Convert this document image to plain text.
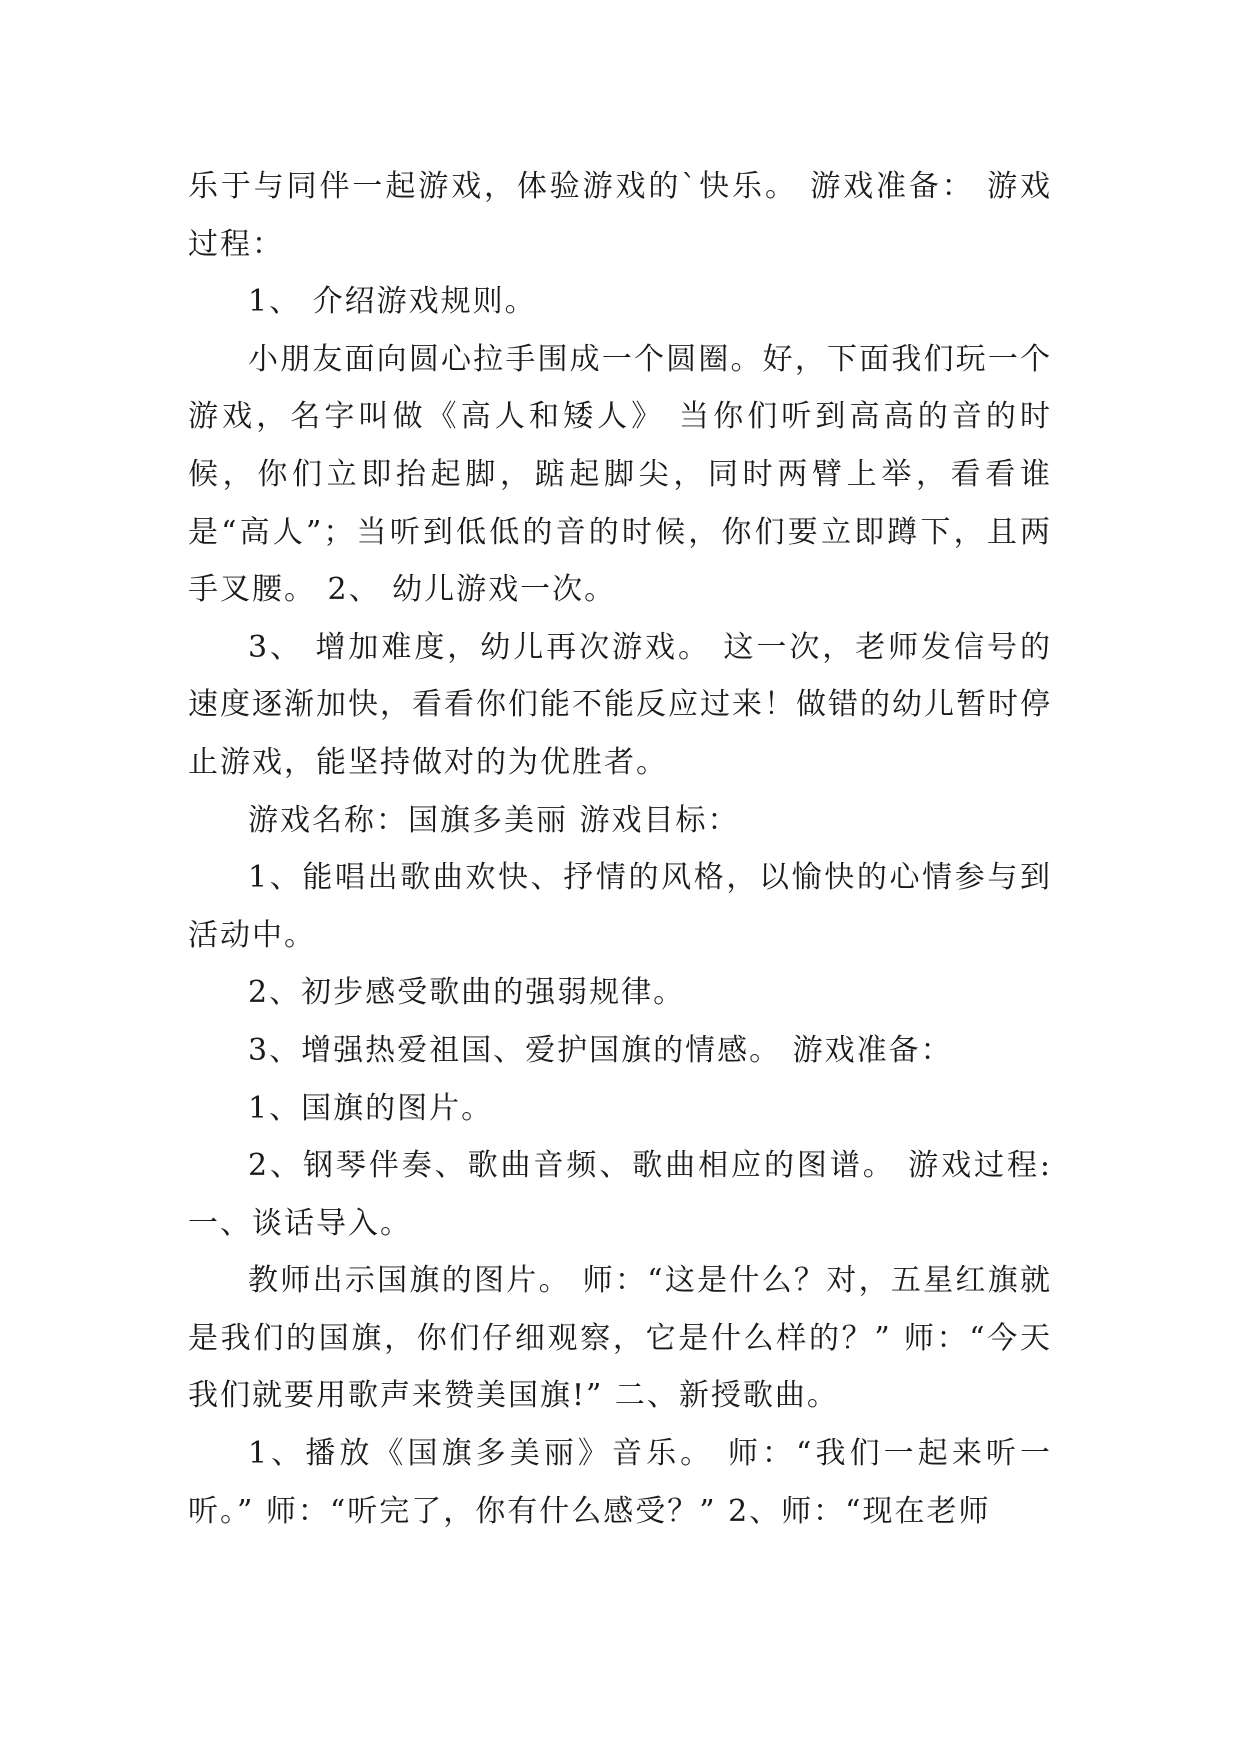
乐于与同伴一起游戏，体验游戏的`快乐。 游戏准备： 游戏过程：

1、 介绍游戏规则。

小朋友面向圆心拉手围成一个圆圈。好，下面我们玩一个游戏，名字叫做《高人和矮人》 当你们听到高高的音的时候，你们立即抬起脚，踮起脚尖，同时两臂上举，看看谁是“高人”；当听到低低的音的时候，你们要立即蹲下，且两手叉腰。 2、 幼儿游戏一次。

3、 增加难度，幼儿再次游戏。 这一次，老师发信号的速度逐渐加快，看看你们能不能反应过来！做错的幼儿暂时停止游戏，能坚持做对的为优胜者。

游戏名称：国旗多美丽 游戏目标：

1、能唱出歌曲欢快、抒情的风格，以愉快的心情参与到活动中。

2、初步感受歌曲的强弱规律。

3、增强热爱祖国、爱护国旗的情感。 游戏准备：

1、国旗的图片。

2、钢琴伴奏、歌曲音频、歌曲相应的图谱。 游戏过程: 一、谈话导入。

教师出示国旗的图片。 师：“这是什么？对，五星红旗就是我们的国旗，你们仔细观察，它是什么样的？” 师：“今天我们就要用歌声来赞美国旗!” 二、新授歌曲。

1、播放《国旗多美丽》音乐。 师：“我们一起来听一听。” 师：“听完了，你有什么感受？” 2、师：“现在老师
